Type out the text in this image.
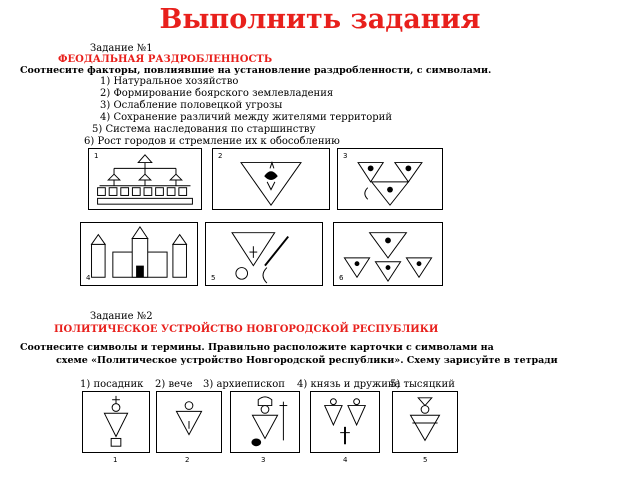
Выполнить задания
Задание №1
ФЕОДАЛЬНАЯ РАЗДРОБЛЕННОСТЬ
Соотнесите факторы, повлиявшие на установление раздробленности, с символами.
1) Натуральное хозяйство
2) Формирование боярского землевладения
3) Ослабление половецкой угрозы
4) Сохранение различий между жителями территорий
5) Система наследования по старшинству
6) Рост городов и стремление их к обособлению
1	2	3
4	5	6
Задание №2
ПОЛИТИЧЕСКОЕ УСТРОЙСТВО НОВГОРОДСКОЙ РЕСПУБЛИКИ
Соотнесите символы и термины. Правильно расположите карточки с символами на
схеме «Политическое устройство Новгородской республики». Схему зарисуйте в тетради
1) посадник 2) вече 3) архиепископ 4) князь и дружина
5) тысяцкий
1	2	3	4	5
